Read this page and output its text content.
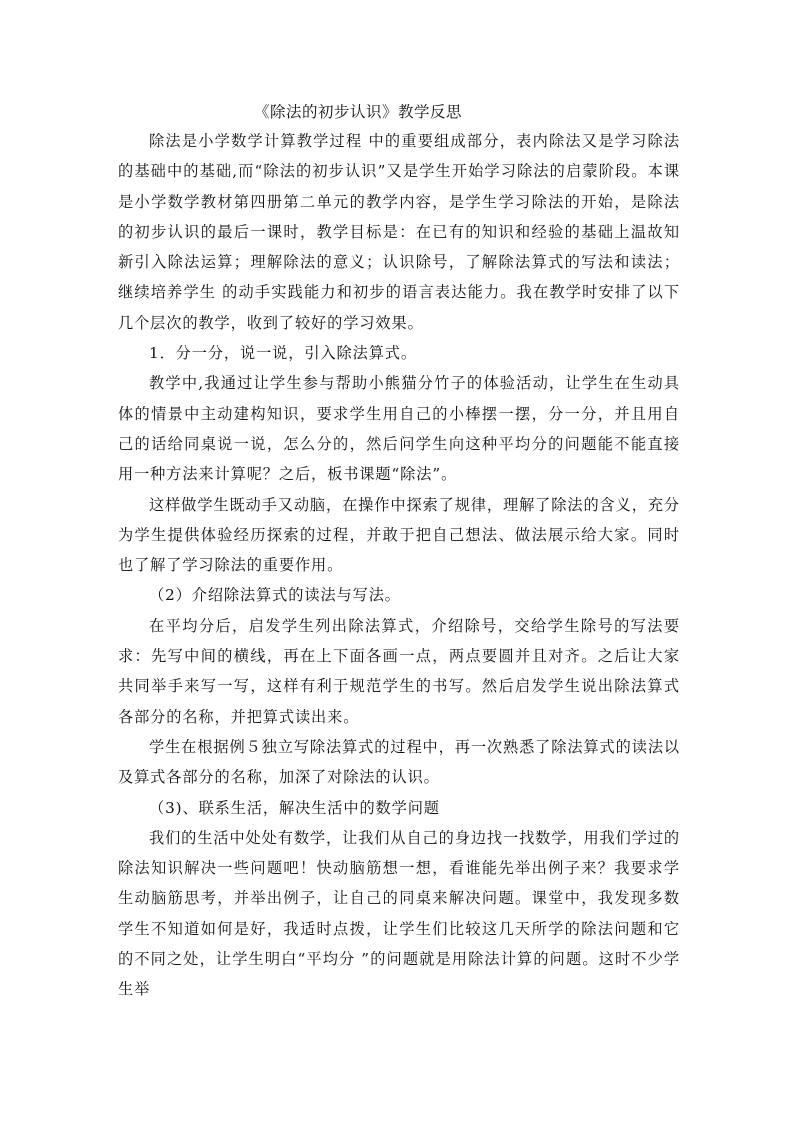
《除法的初步认识》教学反思

除法是小学数学计算教学过程 中的重要组成部分，表内除法又是学习除法的基础中的基础,而“除法的初步认识”又是学生开始学习除法的启蒙阶段。本课是小学数学教材第四册第二单元的教学内容，是学生学习除法的开始，是除法的初步认识的最后一课时，教学目标是：在已有的知识和经验的基础上温故知新引入除法运算；理解除法的意义；认识除号，了解除法算式的写法和读法；继续培养学生 的动手实践能力和初步的语言表达能力。我在教学时安排了以下几个层次的教学，收到了较好的学习效果。

1．分一分，说一说，引入除法算式。

教学中,我通过让学生参与帮助小熊猫分竹子的体验活动，让学生在生动具体的情景中主动建构知识，要求学生用自己的小棒摆一摆，分一分，并且用自己的话给同桌说一说，怎么分的，然后问学生向这种平均分的问题能不能直接用一种方法来计算呢？之后，板书课题“除法”。

这样做学生既动手又动脑，在操作中探索了规律，理解了除法的含义，充分为学生提供体验经历探索的过程，并敢于把自己想法、做法展示给大家。同时也了解了学习除法的重要作用。

（2）介绍除法算式的读法与写法。

在平均分后，启发学生列出除法算式，介绍除号，交给学生除号的写法要求：先写中间的横线，再在上下面各画一点，两点要圆并且对齐。之后让大家共同举手来写一写，这样有利于规范学生的书写。然后启发学生说出除法算式各部分的名称，并把算式读出来。

学生在根据例５独立写除法算式的过程中，再一次熟悉了除法算式的读法以及算式各部分的名称，加深了对除法的认识。

（3)、联系生活，解决生活中的数学问题

我们的生活中处处有数学，让我们从自己的身边找一找数学，用我们学过的除法知识解决一些问题吧！快动脑筋想一想，看谁能先举出例子来？我要求学生动脑筋思考，并举出例子，让自己的同桌来解决问题。课堂中，我发现多数学生不知道如何是好，我适时点拨，让学生们比较这几天所学的除法问题和它的不同之处，让学生明白“平均分 ”的问题就是用除法计算的问题。这时不少学生举
